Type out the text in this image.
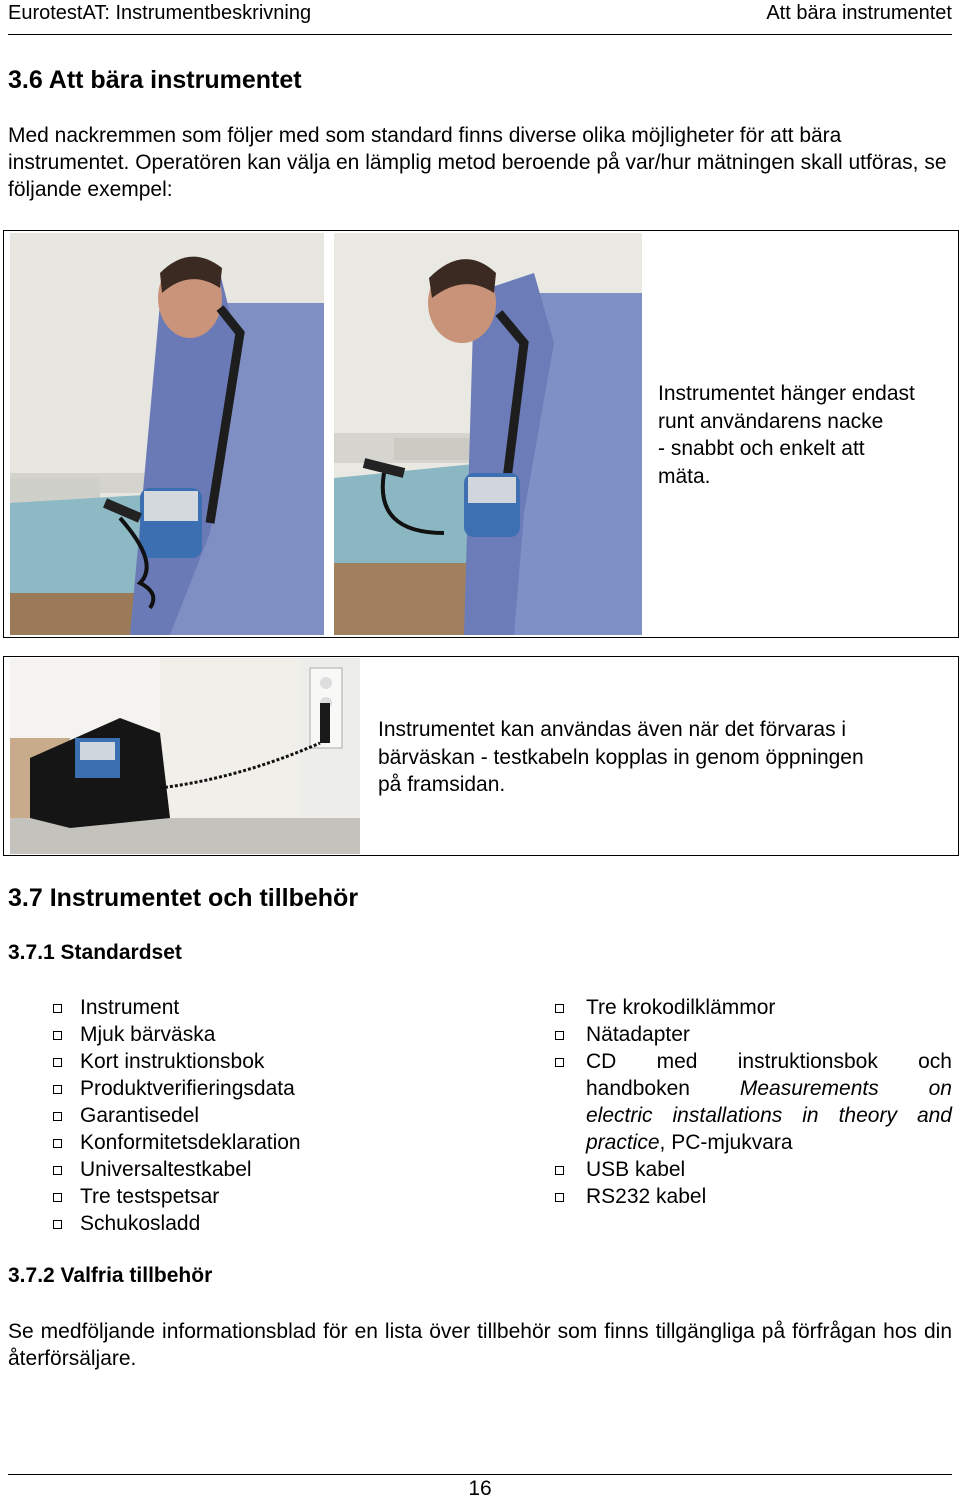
EurotestAT: Instrumentbeskrivning	Att bära instrumentet
3.6 Att bära instrumentet
Med nackremmen som följer med som standard finns diverse olika möjligheter för att bära instrumentet. Operatören kan välja en lämplig metod beroende på var/hur mätningen skall utföras, se följande exempel:
Instrumentet hänger endast
runt användarens nacke
- snabbt och enkelt att
mäta.
Instrumentet kan användas även när det förvaras i
bärväskan - testkabeln kopplas in genom öppningen
på framsidan.
3.7 Instrumentet och tillbehör
3.7.1 Standardset
Instrument
Mjuk bärväska
Kort instruktionsbok
Produktverifieringsdata
Garantisedel
Konformitetsdeklaration
Universaltestkabel
Tre testspetsar
Schukosladd
Tre krokodilklämmor
Nätadapter
CD med instruktionsbok och
handboken Measurements on
electric installations in theory and
practice, PC-mjukvara
USB kabel
RS232 kabel
3.7.2 Valfria tillbehör
Se medföljande informationsblad för en lista över tillbehör som finns tillgängliga på förfrågan hos din återförsäljare.
16
